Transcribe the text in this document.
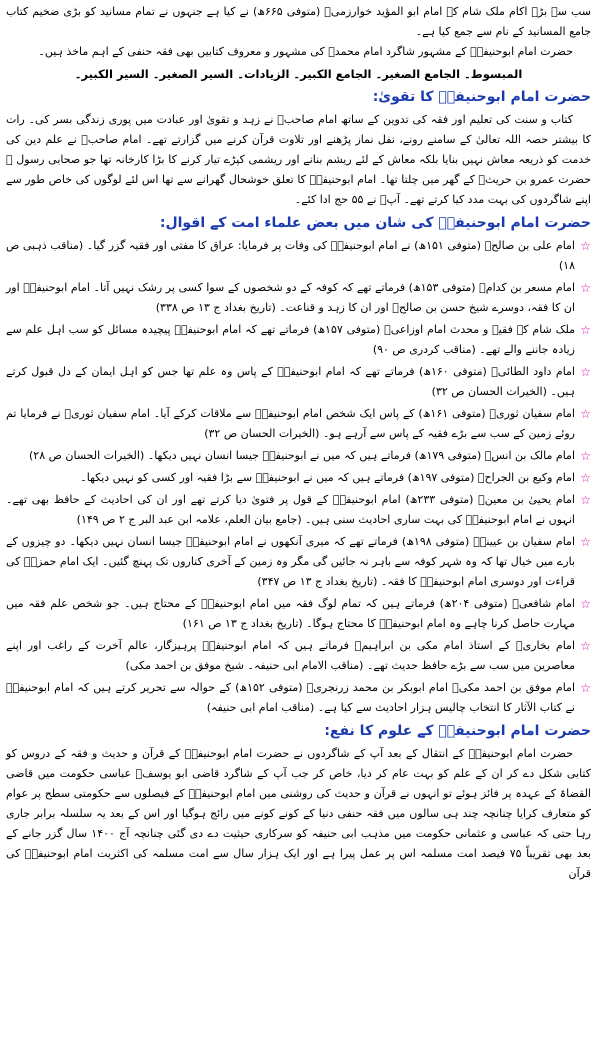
سب سے بڑے اکام ملک شام کے امام ابو المؤید خوارزمیؒ (متوفی ۶۶۵ھ) نے کیا ہے جنہوں نے تمام مسانید کو بڑی ضخیم کتاب جامع المسانید کے نام سے جمع کیا ہے۔

حضرت امام ابوحنیفہؒ کے مشہور شاگرد امام محمدؒ کی مشہور و معروف کتابیں بھی فقہ حنفی کے اہم ماخذ ہیں۔

المبسوط۔ الجامع الصغیر۔ الجامع الکبیر۔ الزیادات۔ السیر الصغیر۔ السیر الکبیر۔

حضرت امام ابوحنیفہؒ کا تقویٰ:

کتاب و سنت کی تعلیم اور فقہ کی تدوین کے ساتھ امام صاحبؒ نے زہد و تقویٰ اور عبادت میں پوری زندگی بسر کی۔ رات کا بیشتر حصہ اللہ تعالیٰ کے سامنے رونے، نفل نماز پڑھنے اور تلاوت قرآن کرنے میں گزارتے تھے۔ امام صاحبؒ نے علم دین کی خدمت کو ذریعہ معاش نہیں بنایا بلکہ معاش کے لئے ریشم بنانے اور ریشمی کپڑے تیار کرنے کا بڑا کارخانہ تھا جو صحابی رسول ﷺ حضرت عمرو بن حریثؓ کے گھر میں چلتا تھا۔ امام ابوحنیفہؒ کا تعلق خوشحال گھرانے سے تھا اس لئے لوگوں کی خاص طور سے اپنے شاگردوں کی بہت مدد کیا کرتے تھے۔ آپؒ نے ۵۵ حج ادا کئے۔

حضرت امام ابوحنیفہؒ کی شان میں بعض علماء امت کے اقوال:
☆
امام علی بن صالحؒ (متوفی ۱۵۱ھ) نے امام ابوحنیفہؒ کی وفات پر فرمایا: عراق کا مفتی اور فقیہ گزر گیا۔ (مناقب ذہبی ص ۱۸)
☆
امام مسعر بن کدامؒ (متوفی ۱۵۳ھ) فرماتے تھے کہ کوفہ کے دو شخصوں کے سوا کسی پر رشک نہیں آتا۔ امام ابوحنیفہؒ اور ان کا فقہ، دوسرے شیخ حسن بن صالحؒ اور ان کا زہد و قناعت۔ (تاریخ بغداد ج ۱۳ ص ۳۳۸)
☆
ملک شام کے فقیہ و محدث امام اوزاعیؒ (متوفی ۱۵۷ھ) فرماتے تھے کہ امام ابوحنیفہؒ پیچیدہ مسائل کو سب اہل علم سے زیادہ جاننے والے تھے۔ (مناقب کردری ص ۹۰)
☆
امام داود الطائیؒ (متوفی ۱۶۰ھ) فرماتے تھے کہ امام ابوحنیفہؒ کے پاس وہ علم تھا جس کو اہل ایمان کے دل قبول کرتے ہیں۔ (الخیرات الحسان ص ۳۲)
☆
امام سفیان ثوریؒ (متوفی ۱۶۱ھ) کے پاس ایک شخص امام ابوحنیفہؒ سے ملاقات کرکے آیا۔ امام سفیان ثوریؒ نے فرمایا تم روئے زمین کے سب سے بڑے فقیہ کے پاس سے آرہے ہو۔ (الخیرات الحسان ص ۳۲)
☆
امام مالک بن انسؒ (متوفی ۱۷۹ھ) فرماتے ہیں کہ میں نے ابوحنیفہؒ جیسا انسان نہیں دیکھا۔ (الخیرات الحسان ص ۲۸)
☆
امام وکیع بن الجراحؒ (متوفی ۱۹۷ھ) فرماتے ہیں کہ میں نے ابوحنیفہؒ سے بڑا فقیہ اور کسی کو نہیں دیکھا۔
☆
امام یحییٰ بن معینؒ (متوفی ۲۳۳ھ) امام ابوحنیفہؒ کے قول پر فتویٰ دیا کرتے تھے اور ان کی احادیث کے حافظ بھی تھے۔ انہوں نے امام ابوحنیفہؒ کی بہت ساری احادیث سنی ہیں۔ (جامع بیان العلم، علامہ ابن عبد البر ج ۲ ص ۱۴۹)
☆
امام سفیان بن عیینہؒ (متوفی ۱۹۸ھ) فرماتے تھے کہ میری آنکھوں نے امام ابوحنیفہؒ جیسا انسان نہیں دیکھا۔ دو چیزوں کے بارے میں خیال تھا کہ وہ شہر کوفہ سے باہر نہ جائیں گی مگر وہ زمین کے آخری کناروں تک پہنچ گئیں۔ ایک امام حمزہؒ کی قراءت اور دوسری امام ابوحنیفہؒ کا فقہ۔ (تاریخ بغداد ج ۱۳ ص ۳۴۷)
☆
امام شافعیؒ (متوفی ۲۰۴ھ) فرماتے ہیں کہ تمام لوگ فقہ میں امام ابوحنیفہؒ کے محتاج ہیں۔ جو شخص علم فقہ میں مہارت حاصل کرنا چاہے وہ امام ابوحنیفہؒ کا محتاج ہوگا۔ (تاریخ بغداد ج ۱۳ ص ۱۶۱)
☆
امام بخاریؒ کے استاذ امام مکی بن ابراہیمؒ فرماتے ہیں کہ امام ابوحنیفہؒ پرہیزگار، عالم آخرت کے راغب اور اپنے معاصرین میں سب سے بڑے حافظ حدیث تھے۔ (مناقب الامام ابی حنیفہ۔ شیخ موفق بن احمد مکی)
☆
امام موفق بن احمد مکیؒ امام ابوبکر بن محمد زرنجریؒ (متوفی ۱۵۲ھ) کے حوالہ سے تحریر کرتے ہیں کہ امام ابوحنیفہؒ نے کتاب الآثار کا انتخاب چالیس ہزار احادیث سے کیا ہے۔ (مناقب امام ابی حنیفہ)
حضرت امام ابوحنیفہؒ کے علوم کا نفع:

حضرت امام ابوحنیفہؒ کے انتقال کے بعد آپ کے شاگردوں نے حضرت امام ابوحنیفہؒ کے قرآن و حدیث و فقہ کے دروس کو کتابی شکل دے کر ان کے علم کو بہت عام کر دیا، خاص کر جب آپ کے شاگرد قاضی ابو یوسفؒ عباسی حکومت میں قاضی القضاۃ کے عہدہ پر فائز ہوئے تو انہوں نے قرآن و حدیث کی روشنی میں امام ابوحنیفہؒ کے فیصلوں سے حکومتی سطح پر عوام کو متعارف کرایا چنانچہ چند ہی سالوں میں فقہ حنفی دنیا کے کونے کونے میں رائج ہوگیا اور اس کے بعد یہ سلسلہ برابر جاری رہا حتی کہ عباسی و عثمانی حکومت میں مذہب ابی حنیفہ کو سرکاری حیثیت دے دی گئی چنانچہ آج ۱۴۰۰ سال گزر جانے کے بعد بھی تقریباً ۷۵ فیصد امت مسلمہ اس پر عمل پیرا ہے اور ایک ہزار سال سے امت مسلمہ کی اکثریت امام ابوحنیفہؒ کی قرآن
